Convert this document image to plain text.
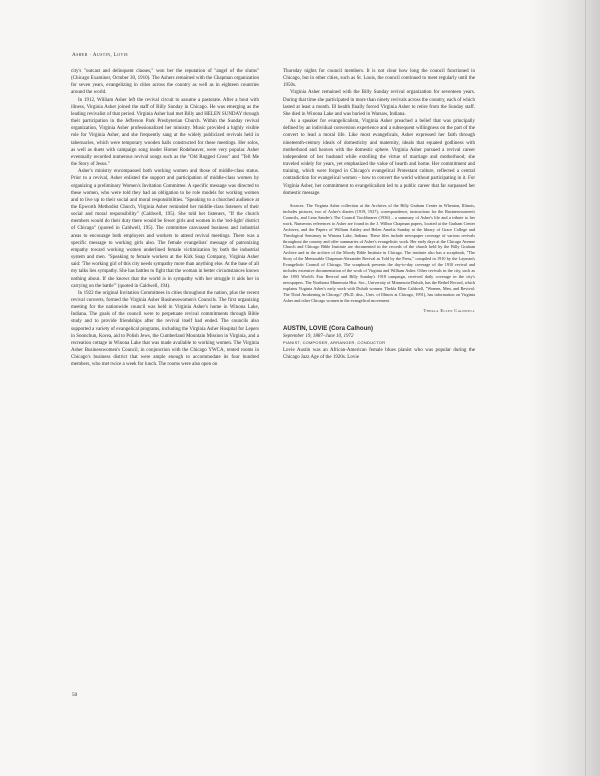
Asher · Austin, Lovie

city's "outcast and delinquent classes," won her the reputation of "angel of the slums" (Chicago Examiner, October 30, 1910). The Ashers remained with the Chapman organization for seven years, evangelizing in cities across the country as well as in eighteen countries around the world.

In 1912, William Asher left the revival circuit to assume a pastorate. After a bout with illness, Virginia Asher joined the staff of Billy Sunday in Chicago. He was emerging as the leading revivalist of that period. Virginia Asher had met Billy and HELEN SUNDAY through their participation in the Jefferson Park Presbyterian Church. Within the Sunday revival organization, Virginia Asher professionalized her ministry. Music provided a highly visible role for Virginia Asher, and she frequently sang at the widely publicized revivals held in tabernacles, which were temporary wooden halls constructed for these meetings. Her solos, as well as duets with campaign song leader Homer Rodeheaver, were very popular. Asher eventually recorded numerous revival songs such as the "Old Rugged Cross" and "Tell Me the Story of Jesus."

Asher's ministry encompassed both working women and those of middle-class status. Prior to a revival, Asher enlisted the support and participation of middle-class women by organizing a preliminary Women's Invitation Committee. A specific message was directed to these women, who were told they had an obligation to be role models for working women and to live up to their social and moral responsibilities. "Speaking to a churched audience at the Epworth Methodist Church, Virginia Asher reminded her middle-class listeners of their social and moral responsibility" (Caldwell, 195). She told her listeners, "If the church members would do their duty there would be fewer girls and women in the 'red-light' district of Chicago" (quoted in Caldwell, 195). The committee canvassed business and industrial areas to encourage both employers and workers to attend revival meetings. There was a specific message to working girls also. The female evangelists' message of patronizing empathy toward working women underlined female victimization by both the industrial system and men. "Speaking to female workers at the Kirk Soap Company, Virginia Asher said: 'The working girl of this city needs sympathy more than anything else. At the base of all my talks lies sympathy. She has battles to fight that the woman in better circumstances knows nothing about. If she knows that the world is in sympathy with her struggle it aids her in carrying on the battle'" (quoted in Caldwell, 194).

In 1922 the original Invitation Committees in cities throughout the nation, plus the recent revival converts, formed the Virginia Asher Businesswomen's Councils. The first organizing meeting for the nationwide council was held in Virginia Asher's home in Winona Lake, Indiana. The goals of the council were to perpetuate revival commitments through Bible study and to provide friendships after the revival itself had ended. The councils also supported a variety of evangelical programs, including the Virginia Asher Hospital for Lepers in Soonchun, Korea, aid to Polish Jews, the Cumberland Mountain Mission in Virginia, and a recreation cottage in Winona Lake that was made available to working women. The Virginia Asher Businesswomen's Council, in conjunction with the Chicago YWCA, rented rooms in Chicago's business district that were ample enough to accommodate its four hundred members, who met twice a week for lunch. The rooms were also open on

Thursday nights for council members. It is not clear how long the council functioned in Chicago, but in other cities, such as St. Louis, the council continued to meet regularly until the 1950s.

Virginia Asher remained with the Billy Sunday revival organization for seventeen years. During that time she participated in more than ninety revivals across the country, each of which lasted at least a month. Ill health finally forced Virginia Asher to retire from the Sunday staff. She died in Winona Lake and was buried in Warsaw, Indiana.

As a speaker for evangelicalism, Virginia Asher preached a belief that was principally defined by an individual conversion experience and a subsequent willingness on the part of the convert to lead a moral life. Like most evangelicals, Asher expressed her faith through nineteenth-century ideals of domesticity and maternity, ideals that equated godliness with motherhood and heaven with the domestic sphere. Virginia Asher pursued a revival career independent of her husband while extolling the virtue of marriage and motherhood; she traveled widely for years, yet emphasized the value of hearth and home. Her commitment and training, which were forged in Chicago's evangelical Protestant culture, reflected a central contradiction for evangelical women – how to convert the world without participating in it. For Virginia Asher, her commitment to evangelicalism led to a public career that far surpassed her domestic message.

Sources. The Virginia Asher collection at the Archives of the Billy Graham Center in Wheaton, Illinois, includes pictures, two of Asher's diaries (1919, 1927), correspondence, instructions for the Businesswomen's Councils, and Lena Sander's The Council Torchbearer (1936) – a summary of Asher's life and a tribute to her work. Numerous references to Asher are found in the J. Wilbur Chapman papers, located at the Graham Center Archives, and the Papers of William Ashley and Helen Amelia Sunday at the library of Grace College and Theological Seminary in Winona Lake, Indiana. These files include newspaper coverage of various revivals throughout the country and offer summaries of Asher's evangelistic work. Her early days at the Chicago Avenue Church and Chicago Bible Institute are documented in the records of the church held by the Billy Graham Archive and in the archive of the Moody Bible Institute in Chicago. The institute also has a scrapbook, "The Story of the Memorable Chapman-Alexander Revival as Told by the Press," compiled in 1910 by the Layman's Evangelistic Council of Chicago. The scrapbook presents the day-to-day coverage of the 1910 revival and includes extensive documentation of the work of Virginia and William Asher. Other revivals in the city, such as the 1893 World's Fair Revival and Billy Sunday's 1918 campaign, received daily coverage in the city's newspapers. The Northeast Minnesota Hist. Soc., University of Minnesota-Duluth, has the Bethel Record, which explains Virginia Asher's early work with Duluth women. Thekla Ellen Caldwell, "Women, Men, and Revival: The Third Awakening in Chicago" (Ph.D. diss., Univ. of Illinois at Chicago, 1991), has information on Virginia Asher and other Chicago women in the evangelical movement.

Thekla Ellen Caldwell
AUSTIN, LOVIE (Cora Calhoun)
September 19, 1887–June 10, 1972
PIANIST, COMPOSER, ARRANGER, CONDUCTOR

Lovie Austin was an African-American female blues pianist who was popular during the Chicago Jazz Age of the 1920s. Lovie

50
